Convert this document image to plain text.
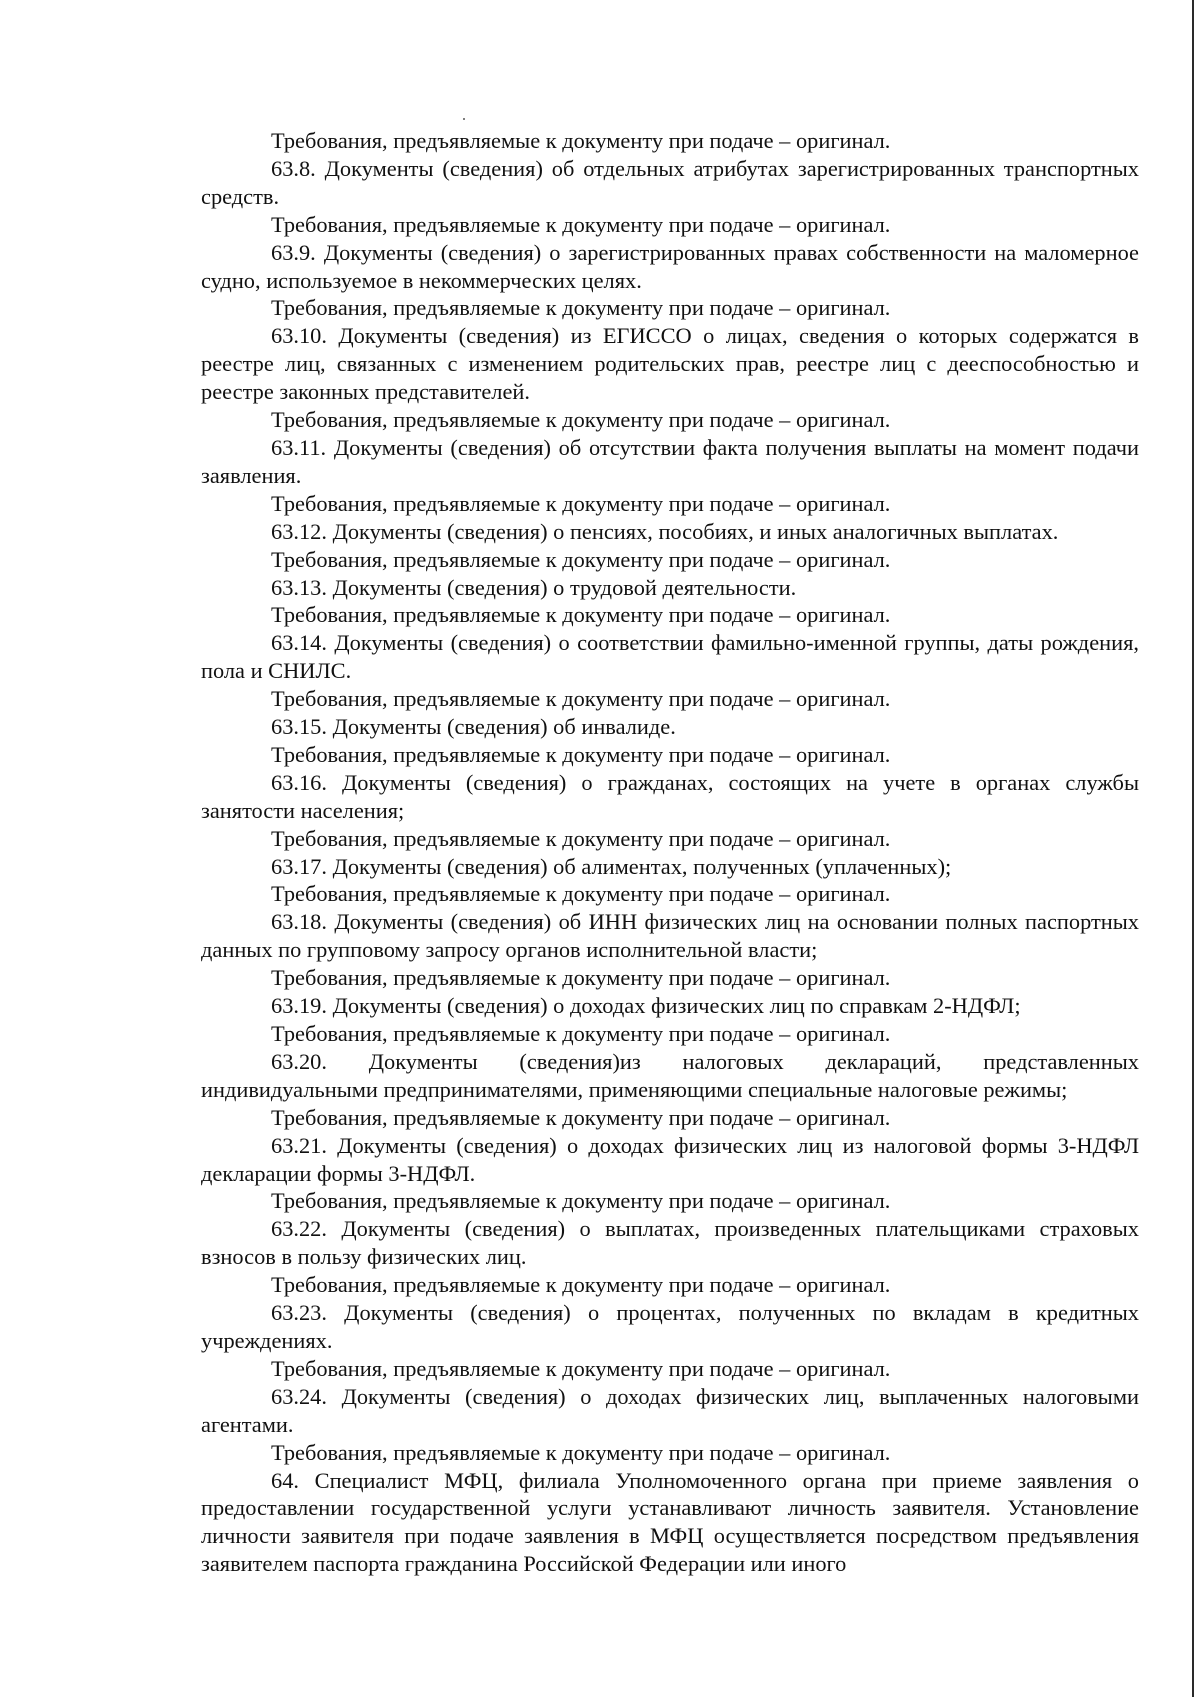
Требования, предъявляемые к документу при подаче – оригинал.

63.8. Документы (сведения) об отдельных атрибутах зарегистрированных транспортных средств.

Требования, предъявляемые к документу при подаче – оригинал.

63.9. Документы (сведения) о зарегистрированных правах собственности на маломерное судно, используемое в некоммерческих целях.

Требования, предъявляемые к документу при подаче – оригинал.

63.10. Документы (сведения) из ЕГИССО о лицах, сведения о которых содержатся в реестре лиц, связанных с изменением родительских прав, реестре лиц с дееспособностью и реестре законных представителей.

Требования, предъявляемые к документу при подаче – оригинал.

63.11. Документы (сведения) об отсутствии факта получения выплаты на момент подачи заявления.

Требования, предъявляемые к документу при подаче – оригинал.

63.12. Документы (сведения) о пенсиях, пособиях, и иных аналогичных выплатах.

Требования, предъявляемые к документу при подаче – оригинал.

63.13. Документы (сведения) о трудовой деятельности.

Требования, предъявляемые к документу при подаче – оригинал.

63.14. Документы (сведения) о соответствии фамильно-именной группы, даты рождения, пола и СНИЛС.

Требования, предъявляемые к документу при подаче – оригинал.

63.15. Документы (сведения) об инвалиде.

Требования, предъявляемые к документу при подаче – оригинал.

63.16. Документы (сведения) о гражданах, состоящих на учете в органах службы занятости населения;

Требования, предъявляемые к документу при подаче – оригинал.

63.17. Документы (сведения) об алиментах, полученных (уплаченных);

Требования, предъявляемые к документу при подаче – оригинал.

63.18. Документы (сведения) об ИНН физических лиц на основании полных паспортных данных по групповому запросу органов исполнительной власти;

Требования, предъявляемые к документу при подаче – оригинал.

63.19. Документы (сведения) о доходах физических лиц по справкам 2-НДФЛ;

Требования, предъявляемые к документу при подаче – оригинал.

63.20. Документы (сведения)из налоговых деклараций, представленных индивидуальными предпринимателями, применяющими специальные налоговые режимы;

Требования, предъявляемые к документу при подаче – оригинал.

63.21. Документы (сведения) о доходах физических лиц из налоговой формы 3-НДФЛ декларации формы 3-НДФЛ.

Требования, предъявляемые к документу при подаче – оригинал.

63.22. Документы (сведения) о выплатах, произведенных плательщиками страховых взносов в пользу физических лиц.

Требования, предъявляемые к документу при подаче – оригинал.

63.23. Документы (сведения) о процентах, полученных по вкладам в кредитных учреждениях.

Требования, предъявляемые к документу при подаче – оригинал.

63.24. Документы (сведения) о доходах физических лиц, выплаченных налоговыми агентами.

Требования, предъявляемые к документу при подаче – оригинал.

64. Специалист МФЦ, филиала Уполномоченного органа при приеме заявления о предоставлении государственной услуги устанавливают личность заявителя. Установление личности заявителя при подаче заявления в МФЦ осуществляется посредством предъявления заявителем паспорта гражданина Российской Федерации или иного
